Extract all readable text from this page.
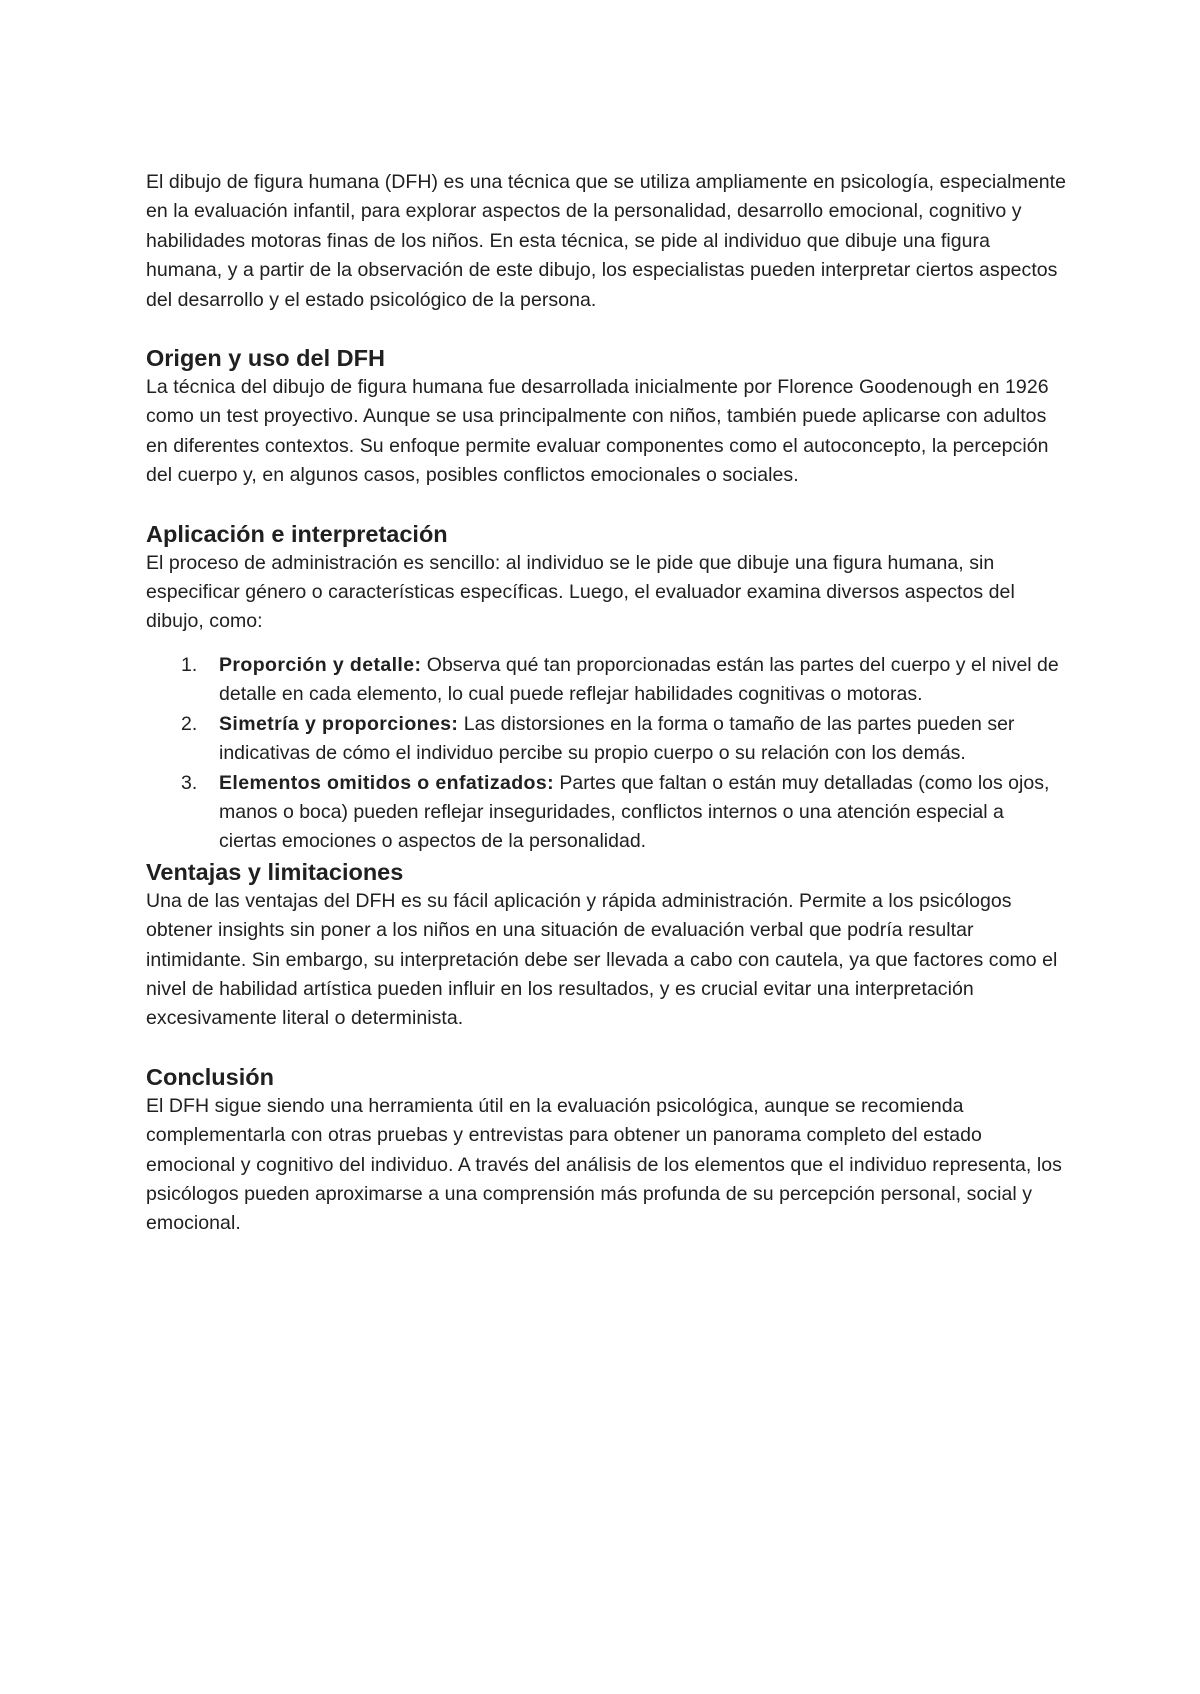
El dibujo de figura humana (DFH) es una técnica que se utiliza ampliamente en psicología, especialmente en la evaluación infantil, para explorar aspectos de la personalidad, desarrollo emocional, cognitivo y habilidades motoras finas de los niños. En esta técnica, se pide al individuo que dibuje una figura humana, y a partir de la observación de este dibujo, los especialistas pueden interpretar ciertos aspectos del desarrollo y el estado psicológico de la persona.

Origen y uso del DFH

La técnica del dibujo de figura humana fue desarrollada inicialmente por Florence Goodenough en 1926 como un test proyectivo. Aunque se usa principalmente con niños, también puede aplicarse con adultos en diferentes contextos. Su enfoque permite evaluar componentes como el autoconcepto, la percepción del cuerpo y, en algunos casos, posibles conflictos emocionales o sociales.

Aplicación e interpretación

El proceso de administración es sencillo: al individuo se le pide que dibuje una figura humana, sin especificar género o características específicas. Luego, el evaluador examina diversos aspectos del dibujo, como:

1. Proporción y detalle: Observa qué tan proporcionadas están las partes del cuerpo y el nivel de detalle en cada elemento, lo cual puede reflejar habilidades cognitivas o motoras.
2. Simetría y proporciones: Las distorsiones en la forma o tamaño de las partes pueden ser indicativas de cómo el individuo percibe su propio cuerpo o su relación con los demás.
3. Elementos omitidos o enfatizados: Partes que faltan o están muy detalladas (como los ojos, manos o boca) pueden reflejar inseguridades, conflictos internos o una atención especial a ciertas emociones o aspectos de la personalidad.
Ventajas y limitaciones

Una de las ventajas del DFH es su fácil aplicación y rápida administración. Permite a los psicólogos obtener insights sin poner a los niños en una situación de evaluación verbal que podría resultar intimidante. Sin embargo, su interpretación debe ser llevada a cabo con cautela, ya que factores como el nivel de habilidad artística pueden influir en los resultados, y es crucial evitar una interpretación excesivamente literal o determinista.

Conclusión

El DFH sigue siendo una herramienta útil en la evaluación psicológica, aunque se recomienda complementarla con otras pruebas y entrevistas para obtener un panorama completo del estado emocional y cognitivo del individuo. A través del análisis de los elementos que el individuo representa, los psicólogos pueden aproximarse a una comprensión más profunda de su percepción personal, social y emocional.
